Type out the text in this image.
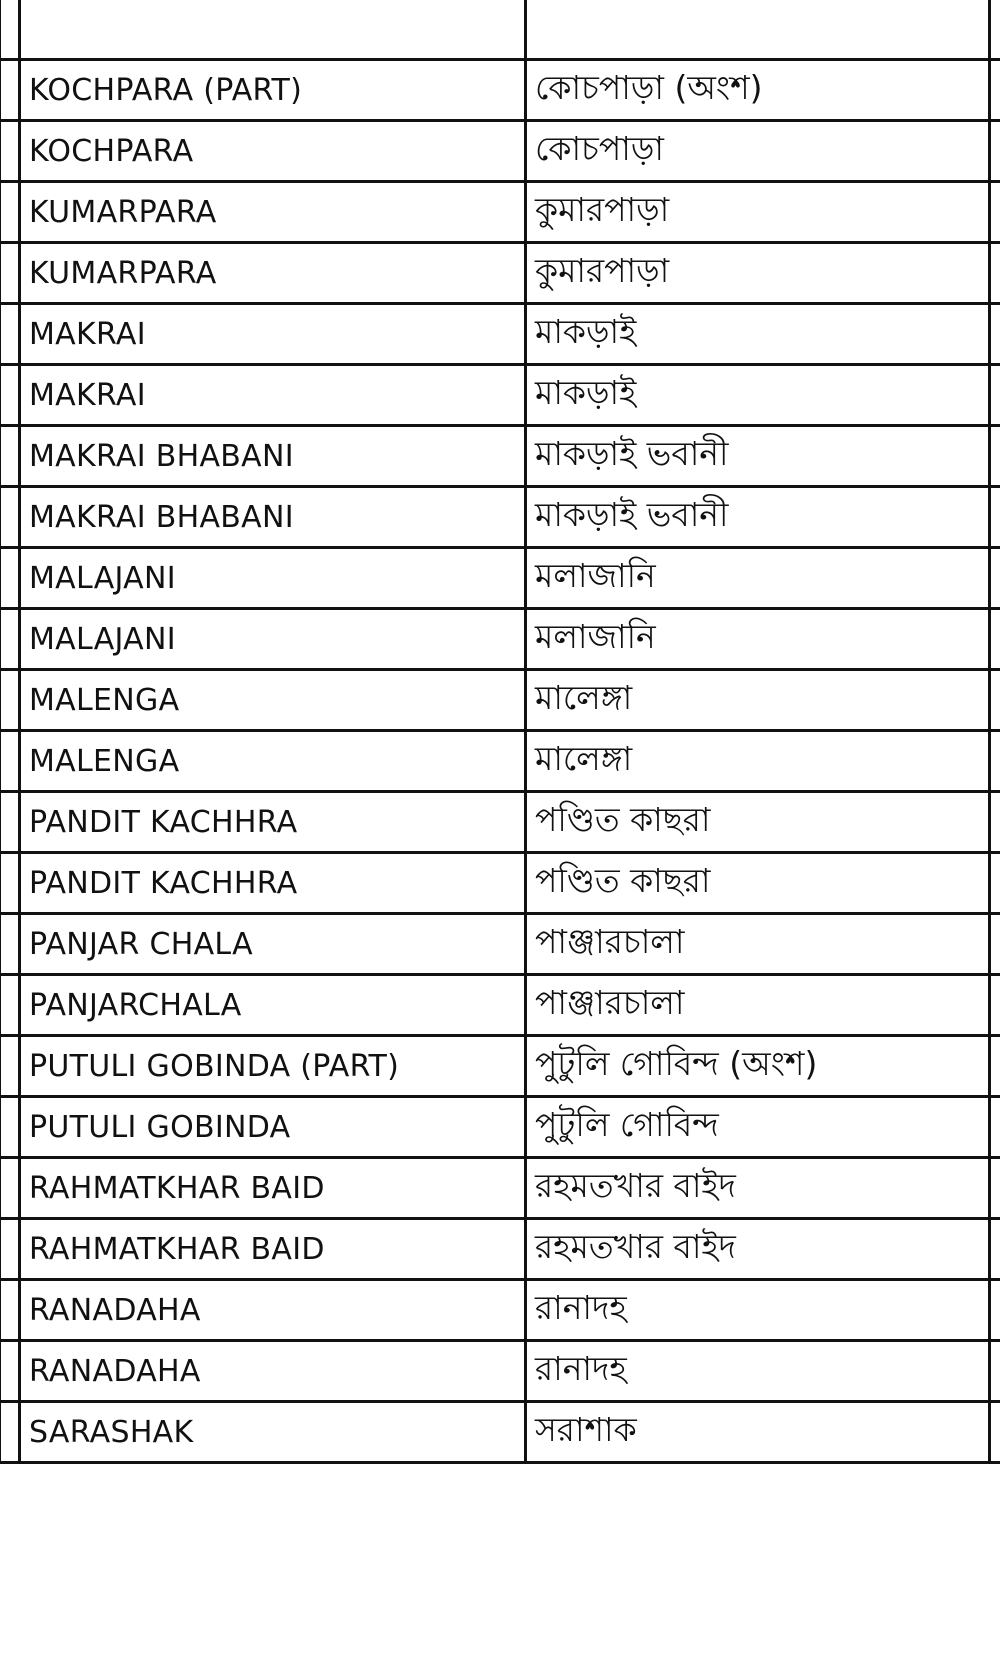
	KOCHPARA (PART)	কোচপাড়া (অংশ)	
	KOCHPARA	কোচপাড়া	
	KUMARPARA	কুমারপাড়া	
	KUMARPARA	কুমারপাড়া	
	MAKRAI	মাকড়াই	
	MAKRAI	মাকড়াই	
	MAKRAI BHABANI	মাকড়াই ভবানী	
	MAKRAI BHABANI	মাকড়াই ভবানী	
	MALAJANI	মলাজানি	
	MALAJANI	মলাজানি	
	MALENGA	মালেঙ্গা	
	MALENGA	মালেঙ্গা	
	PANDIT KACHHRA	পণ্ডিত কাছরা	
	PANDIT KACHHRA	পণ্ডিত কাছরা	
	PANJAR CHALA	পাঞ্জারচালা	
	PANJARCHALA	পাঞ্জারচালা	
	PUTULI GOBINDA (PART)	পুটুলি গোবিন্দ (অংশ)	
	PUTULI GOBINDA	পুটুলি গোবিন্দ	
	RAHMATKHAR BAID	রহমতখার বাইদ	
	RAHMATKHAR BAID	রহমতখার বাইদ	
	RANADAHA	রানাদহ	
	RANADAHA	রানাদহ	
	SARASHAK	সরাশাক	
